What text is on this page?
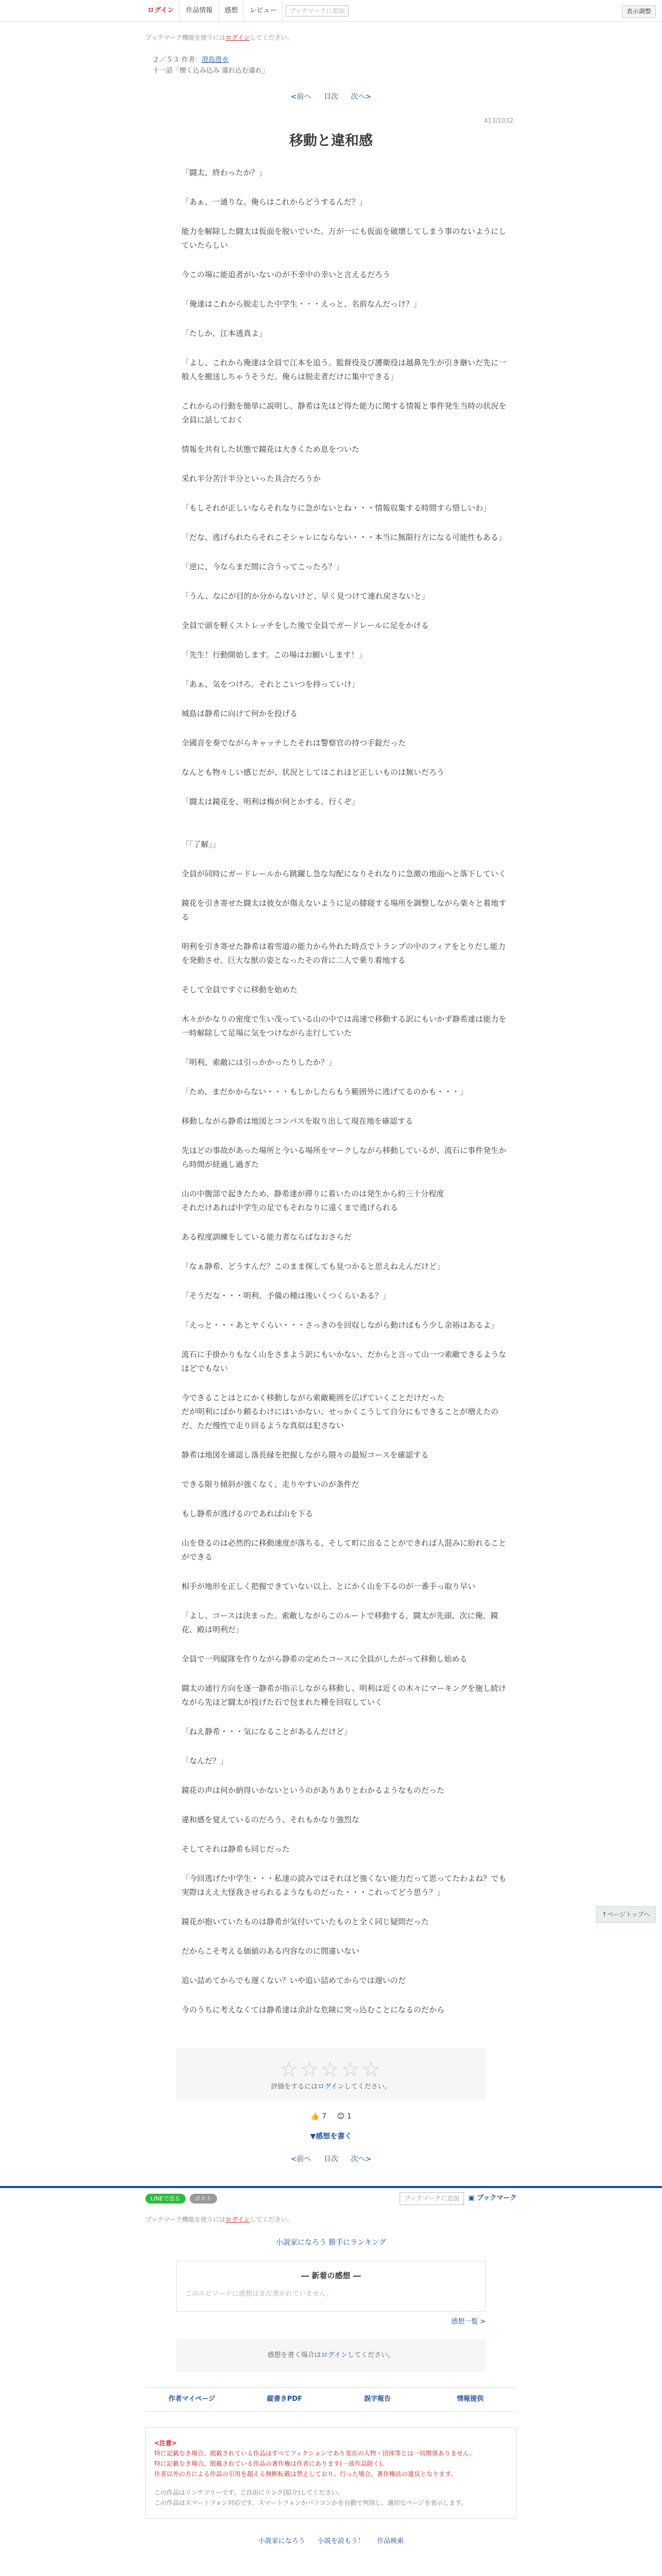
ログイン	作品情報	感想	レビュー	ブックマークに追加	表示調整
ブックマーク機能を使うにはログインしてください。
２／５３ 作者：澄島澄水
十一話「懐く込み込み 違れ込む違れ」
<前へ 目次 次へ>
413/1032
移動と違和感

「闘太、終わったか？」

「あぁ、一通りな。俺らはこれからどうするんだ？」

能力を解除した闘太は仮面を脱いでいた。万が一にも仮面を破壊してしまう事のないようにしていたらしい

今この場に能追者がいないのが不幸中の幸いと言えるだろう

「俺達はこれから脱走した中学生・・・えっと、名前なんだっけ？」

「たしか、江本透真よ」

「よし、これから俺達は全員で江本を追う。監督役及び護衛役は越鼻先生が引き継いだ先に一般人を搬送しちゃうそうだ。俺らは脱走者だけに集中できる」

これからの行動を簡単に説明し、静希は先ほど得た能力に関する情報と事件発生当時の状況を全員に話しておく

情報を共有した状態で鏡花は大きくため息をついた

采れ半分苦汁半分といった具合だろうか

「もしそれが正しいならそれなりに急がないとね・・・情報収集する時間すら惜しいわ」

「だな、逃げられたらそれこそシャレにならない・・・本当に無限行方になる可能性もある」

「逆に、今ならまだ間に合うってこったろ？」

「うん、なにが目的か分からないけど、早く見つけて連れ戻さないと」

全員で頭を軽くストレッチをした後で全員でガードレールに足をかける

「先生！行動開始します。この場はお願いします！」

「あぁ、気をつけろ。それとこいつを持っていけ」

城島は静希に向けて何かを投げる

全國音を奏でながらキャッチしたそれは警察官の持つ手錠だった

なんとも物々しい感じだが、状況としてはこれほど正しいものは無いだろう

「闘太は鏡花を、明利は梅が何とかする。行くぞ」

「「了解」」

全員が同時にガードレールから跳躍し急な勾配になりそれなりに急激の地面へと落下していく

鏡花を引き寄せた闘太は彼女が傷えないように足の膝寝する場所を調整しながら楽々と着地する

明利を引き寄せた静希は着雪道の能力から外れた時点でトランプの中のフィアをとりだし能力を発動させ、巨大な獣の姿となったその背に二人で乗り着地する

そして全員ですぐに移動を始めた

木々がかなりの密度で生い茂っている山の中では高速で移動する訳にもいかず静希達は能力を一時解除して足場に気をつけながら走行していた

「明利、索敵には引っかかったりしたか？」

「ため、まだかからない・・・もしかしたらもう範囲外に逃げてるのかも・・・」

移動しながら静希は地図とコンパスを取り出して現在地を確認する

先ほどの事故があった場所と今いる場所をマークしながら移動しているが、流石に事件発生から時間が経過し過ぎた

山の中腹部で起きたため、静希達が滞りに着いたのは発生から約三十分程度
それだけあれば中学生の足でもそれなりに遠くまで逃げられる

ある程度訓練をしている能力者ならばなおさらだ

「なぁ静希、どうすんだ？このまま探しても見つかると思えねえんだけど」

「そうだな・・・明利、予備の種は後いくつくらいある？」

「えっと・・・あとヤくらい・・・さっきのを回収しながら動けばもう少し余裕はあるよ」

流石に手掛かりもなく山をさまよう訳にもいかない、だからと言って山一つ索敵できるようなほどでもない

今できることはとにかく移動しながら索敵範囲を広げていくことだけだった
だが明利にばかり頼るわけにはいかない、せっかくこうして自分にもできることが増えたのだ、ただ慢性で走り回るような真似は犯さない

静希は地図を確認し落長縁を把握しながら隈々の最短コースを確認する

できる限り傾斜が強くなく、走りやすいのが条件だ

もし静希が逃げるのであれば山を下る

山を登るのは必然的に移動速度が落ちる、そして町に出ることができれば人混みに紛れることができる

相手が地形を正しく把握できていない以上、とにかく山を下るのが一番手っ取り早い

「よし、コースは決まった。索敵しながらこのルートで移動する。闘太が先頭、次に俺、鏡花、殿は明利だ」

全員で一列縦隊を作りながら静希の定めたコースに全員がしたがって移動し始める

闘太の通行方向を逐一静希が指示しながら移動し、明利は近くの木々にマーキングを施し続けながら先ほど闘太が投げた石で包まれた種を回収していく

「ねえ静希・・・気になることがあるんだけど」

「なんだ？」

鏡花の声は何か納得いかないというのがありありとわかるようなものだった

違和感を覚えているのだろう、それもかなり強烈な

そしてそれは静希も同じだった

「今回逃げた中学生・・・私達の読みではそれほど強くない能力だって思ってたわよね？でも実際はええ大怪我させられるようなものだった・・・これってどう思う？」

鏡花が抱いていたものは静希が気付いていたものと全く同じ疑問だった

だからこそ考える価値のある内容なのに間違いない

追い詰めてからでも遅くない？いや追い詰めてからでは遅いのだ

今のうちに考えなくては静希達は余計な危険に突っ込むことになるのだから

☆☆☆☆☆
評価をするにはログインしてください。
👍 7 😊 1
▼感想を書く
<前へ 目次 次へ>
LINEで送る	ポスト	ブックマークに追加	▣ ブックマーク
ブックマーク機能を使うにはログインしてください。
小説家になろう 勝手にランキング
― 新着の感想 ―
このエピソードに感想はまだ書かれていません。
感想一覧 >
感想を書く場合はログインしてください。
作者マイページ	縦書きPDF	誤字報告	情報提供
<注意>
特に記載なき場合、掲載されている作品はすべてフィクションであり実在の人物・団体等とは一切関係ありません。
特に記載なき場合、掲載されている作品の著作権は作者にあります(一部作品除く)。
作者以外の方による作品の引用を超える無断転載は禁止しており、行った場合、著作権法の違反となります。
この作品はリンクフリーです。ご自由にリンク(紹介)してください。
この作品はスマートフォン対応です。スマートフォンかパソコンかを自動で判別し、適切なページを表示します。
小説家になろう 小説を読もう！ 作品検索
↑ページトップへ
